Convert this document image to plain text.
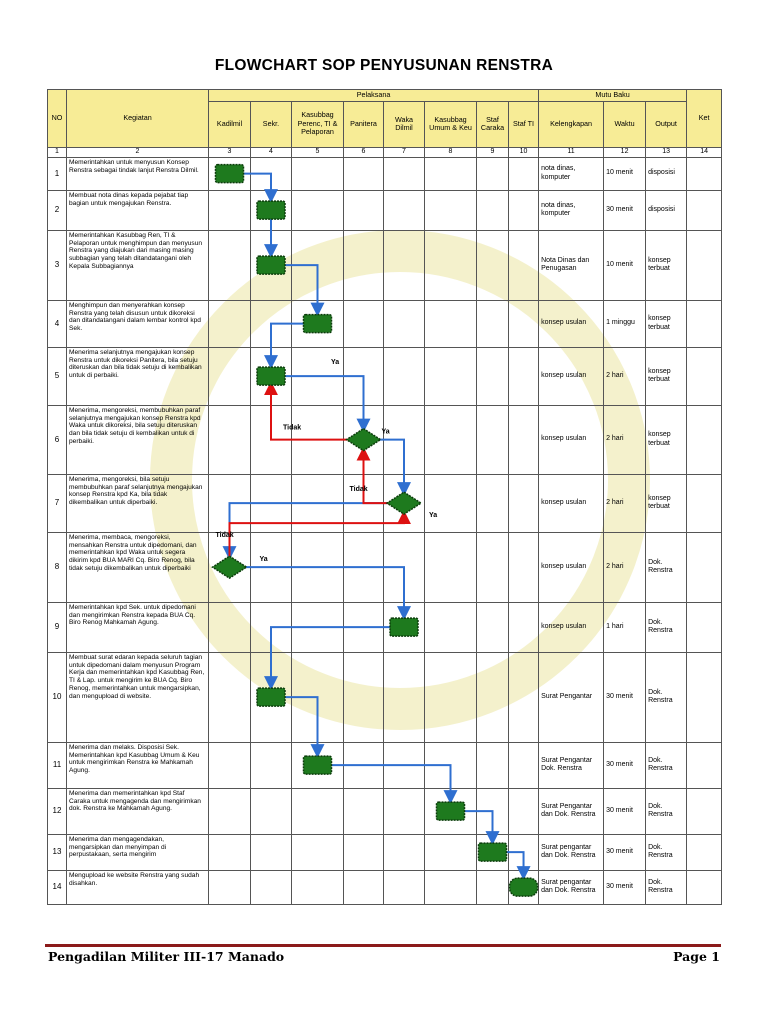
FLOWCHART SOP PENYUSUNAN RENSTRA
NO	Kegiatan	Pelaksana								Mutu Baku			Ket
		Kadilmil	Sekr.	Kasubbag Perenc, TI & Pelaporan	Panitera	Waka Dilmil	Kasubbag Umum & Keu	Staf Caraka	Staf TI	Kelengkapan	Waktu	Output	
1	2	3	4	5	6	7	8	9	10	11	12	13	14
1	Memerintahkan untuk menyusun Konsep Renstra sebagai tindak lanjut Renstra Dilmil.									nota dinas, komputer	10 menit	disposisi	
2	Membuat nota dinas kepada pejabat tiap bagian untuk mengajukan Renstra.									nota dinas, komputer	30 menit	disposisi	
3	Memerintahkan Kasubbag Ren, TI & Pelaporan untuk menghimpun dan menyusun Renstra yang diajukan dari masing masing subbagian yang telah ditandatangani oleh Kepala Subbagiannya									Nota Dinas dan Penugasan	10 menit	konsep terbuat	
4	Menghimpun dan menyerahkan konsep Renstra yang telah disusun untuk dikoreksi dan ditandatangani dalam lembar kontrol kpd Sek.									konsep usulan	1 minggu	konsep terbuat	
5	Menerima selanjutnya mengajukan konsep Renstra untuk dikoreksi Panitera, bila setuju diteruskan dan bila tidak setuju di kembalikan untuk di perbaiki.									konsep usulan	2 hari	konsep terbuat	
6	Menerima, mengoreksi, membubuhkan paraf selanjutnya mengajukan konsep Renstra kpd Waka untuk dikoreksi, bila setuju diteruskan dan bila tidak setuju di kembalikan untuk di perbaiki.									konsep usulan	2 hari	konsep terbuat	
7	Menerima, mengoreksi, bila setuju membubuhkan paraf selanjutnya mengajukan konsep Renstra kpd Ka, bila tidak dikembalikan untuk diperbaiki.									konsep usulan	2 hari	konsep terbuat	
8	Menerima, membaca, mengoreksi, mensahkan Renstra untuk dipedomani, dan memerintahkan kpd Waka untuk segera dikirim kpd BUA MARI Cq. Biro Renog, bila tidak setuju dikembalikan untuk diperbaiki									konsep usulan	2 hari	Dok. Renstra	
9	Memerintahkan kpd Sek. untuk dipedomani dan mengirimkan Renstra kepada BUA Cq. Biro Renog Mahkamah Agung.									konsep usulan	1 hari	Dok. Renstra	
10	Membuat surat edaran kepada seluruh tagian untuk dipedomani dalam menyusun Program Kerja dan memerintahkan kpd Kasubbag Ren, TI & Lap. untuk mengirim ke BUA Cq. Biro Renog, memerintahkan untuk mengarsipkan, dan mengupload di website.									Surat Pengantar	30 menit	Dok. Renstra	
11	Menerima dan melaks. Disposisi Sek. Memerintahkan kpd Kasubbag Umum & Keu untuk mengirimkan Renstra ke Mahkamah Agung.									Surat Pengantar Dok. Renstra	30 menit	Dok. Renstra	
12	Menerima dan memerintahkan kpd Staf Caraka untuk mengagenda dan mengirimkan dok. Renstra ke Mahkamah Agung.									Surat Pengantar dan Dok. Renstra	30 menit	Dok. Renstra	
13	Menerima dan mengagendakan, mengarsipkan dan menyimpan di perpustakaan, serta mengirim									Surat pengantar dan Dok. Renstra	30 menit	Dok. Renstra	
14	Mengupload ke website Renstra yang sudah disahkan.									Surat pengantar dan Dok. Renstra	30 menit	Dok. Renstra	
Ya
Ya
Ya
Ya
Tidak
Tidak
Tidak
Pengadilan Militer III-17 Manado	Page 1
